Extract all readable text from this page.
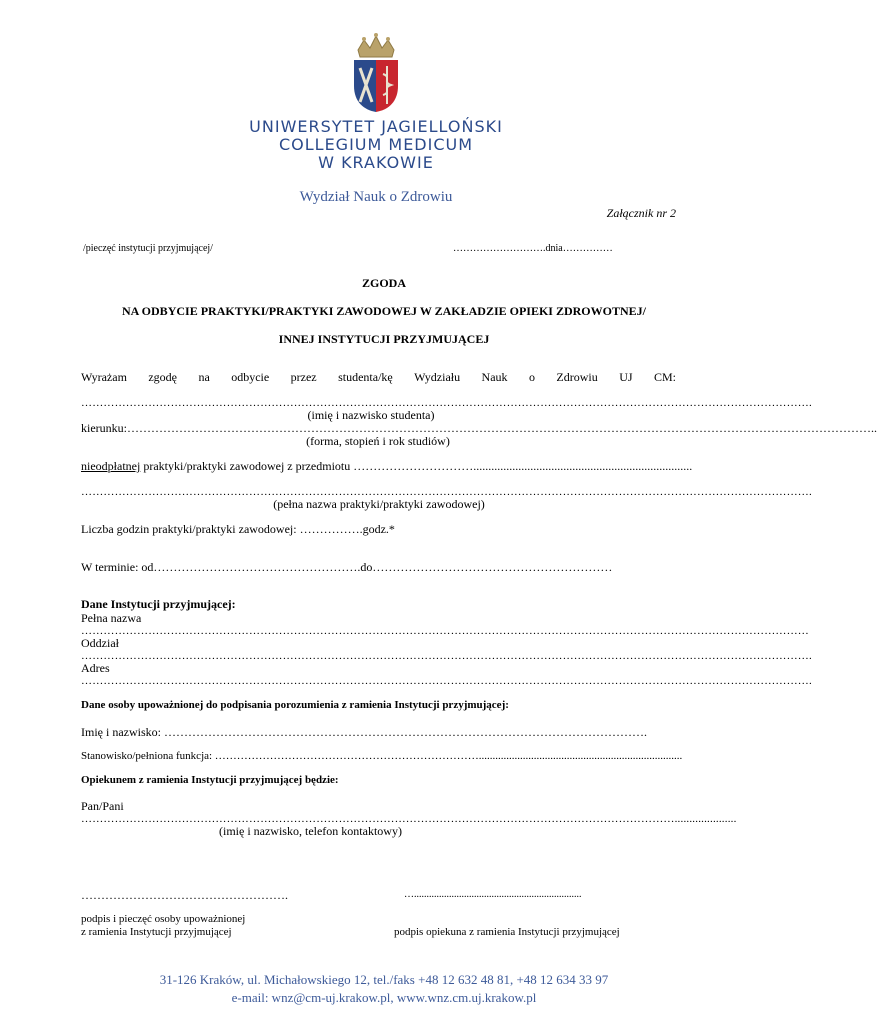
UNIWERSYTET JAGIELLOŃSKI
COLLEGIUM MEDICUM
W KRAKOWIE
Wydział Nauk o Zdrowiu
Załącznik nr 2
/pieczęć instytucji przyjmującej/	……………………….dnia……………
ZGODA
NA ODBYCIE PRAKTYKI/PRAKTYKI ZAWODOWEJ W ZAKŁADZIE OPIEKI ZDROWOTNEJ/
INNEJ INSTYTUCJI PRZYJMUJĄCEJ
Wyrażam zgodę na odbycie przez studenta/kę Wydziału Nauk o Zdrowiu UJ CM:
…………………………………………………………………………………………………………………………………………………………………………….
(imię i nazwisko studenta)
kierunku:……………………………………………………………………………………………………………………………………………………………………..
(forma, stopień i rok studiów)
nieodpłatnej praktyki/praktyki zawodowej z przedmiotu ………………………….........................................................................
…………………………………………………………………………………………………………………………………………………………………………….
(pełna nazwa praktyki/praktyki zawodowej)
Liczba godzin praktyki/praktyki zawodowej: …………….godz.*
W terminie: od…………………………………………….do……………………………………………………
Dane Instytucji przyjmującej:
Pełna nazwa
……………………………………………………………………………………………………………………………………………………………………………
Oddział
…………………………………………………………………………………………………………………………………………………………………………….
Adres
…………………………………………………………………………………………………………………………………………………………………………….
Dane osoby upoważnionej do podpisania porozumienia z ramienia Instytucji przyjmującej:
Imię i nazwisko: ………………………………………………………………………………………………………….
Stanowisko/pełniona funkcja: ………………………………………………………………..........................................................................
Opiekunem z ramienia Instytucji przyjmującej będzie:
Pan/Pani
…………………………………………………………………………………………………………………………………………….....................
(imię i nazwisko, telefon kontaktowy)
…………………………………………….	…...................................................................
podpis i pieczęć osoby upoważnionej
z ramienia Instytucji przyjmującej	podpis opiekuna z ramienia Instytucji przyjmującej
31-126 Kraków, ul. Michałowskiego 12, tel./faks +48 12 632 48 81, +48 12 634 33 97
e-mail: wnz@cm-uj.krakow.pl, www.wnz.cm.uj.krakow.pl
